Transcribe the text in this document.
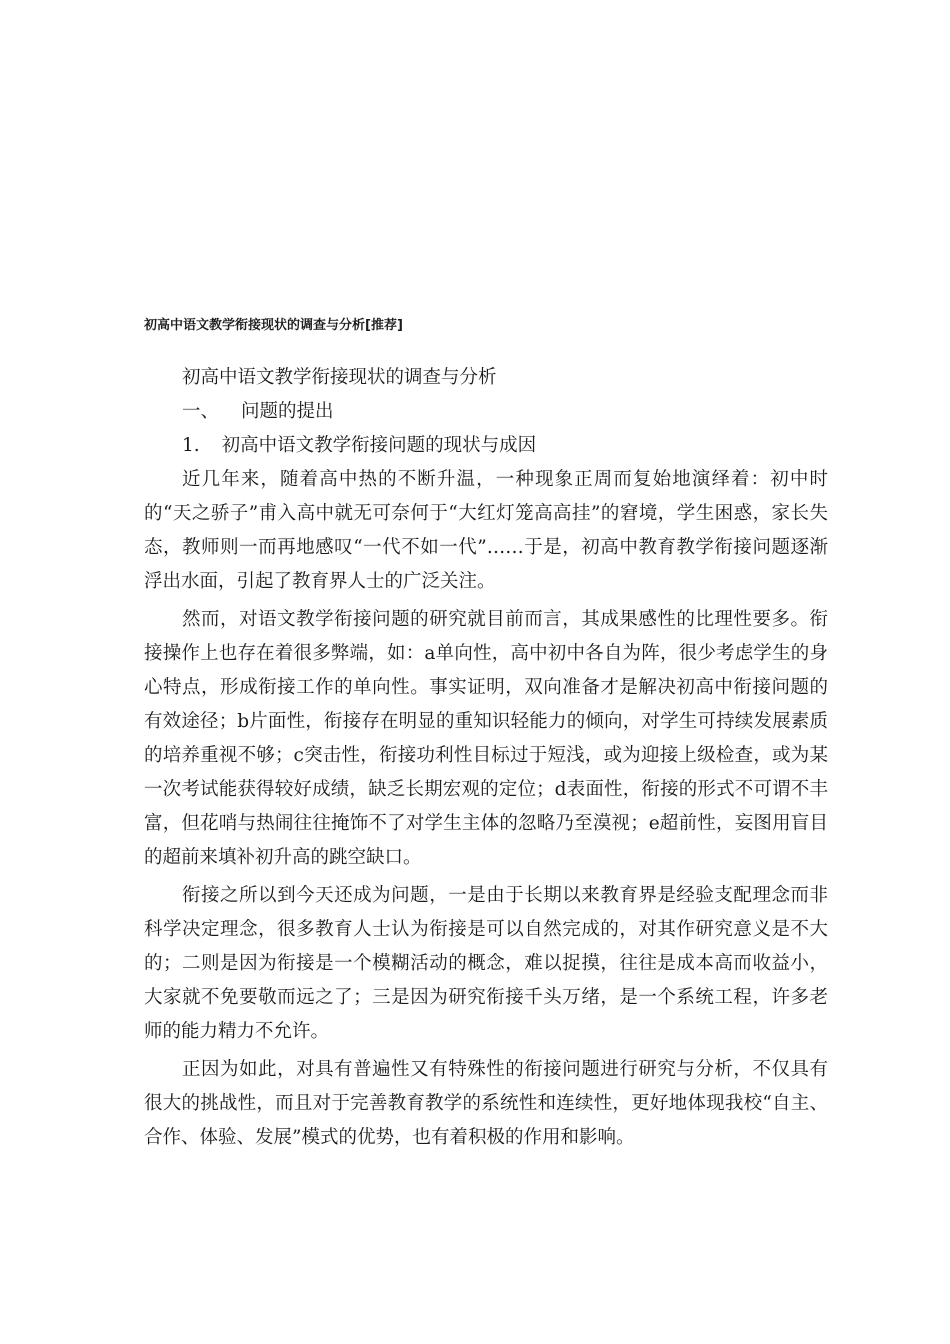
初高中语文教学衔接现状的调查与分析[推荐]
初高中语文教学衔接现状的调查与分析
一、 问题的提出
1. 初高中语文教学衔接问题的现状与成因

近几年来，随着高中热的不断升温，一种现象正周而复始地演绎着：初中时的“天之骄子”甫入高中就无可奈何于“大红灯笼高高挂”的窘境，学生困惑，家长失态，教师则一而再地感叹“一代不如一代”……于是，初高中教育教学衔接问题逐渐浮出水面，引起了教育界人士的广泛关注。

然而，对语文教学衔接问题的研究就目前而言，其成果感性的比理性要多。衔接操作上也存在着很多弊端，如：a单向性，高中初中各自为阵，很少考虑学生的身心特点，形成衔接工作的单向性。事实证明，双向准备才是解决初高中衔接问题的有效途径；b片面性，衔接存在明显的重知识轻能力的倾向，对学生可持续发展素质的培养重视不够；c突击性，衔接功利性目标过于短浅，或为迎接上级检查，或为某一次考试能获得较好成绩，缺乏长期宏观的定位；d表面性，衔接的形式不可谓不丰富，但花哨与热闹往往掩饰不了对学生主体的忽略乃至漠视；e超前性，妄图用盲目的超前来填补初升高的跳空缺口。

衔接之所以到今天还成为问题，一是由于长期以来教育界是经验支配理念而非科学决定理念，很多教育人士认为衔接是可以自然完成的，对其作研究意义是不大的；二则是因为衔接是一个模糊活动的概念，难以捉摸，往往是成本高而收益小，大家就不免要敬而远之了；三是因为研究衔接千头万绪，是一个系统工程，许多老师的能力精力不允许。

正因为如此，对具有普遍性又有特殊性的衔接问题进行研究与分析，不仅具有很大的挑战性，而且对于完善教育教学的系统性和连续性，更好地体现我校“自主、合作、体验、发展”模式的优势，也有着积极的作用和影响。
